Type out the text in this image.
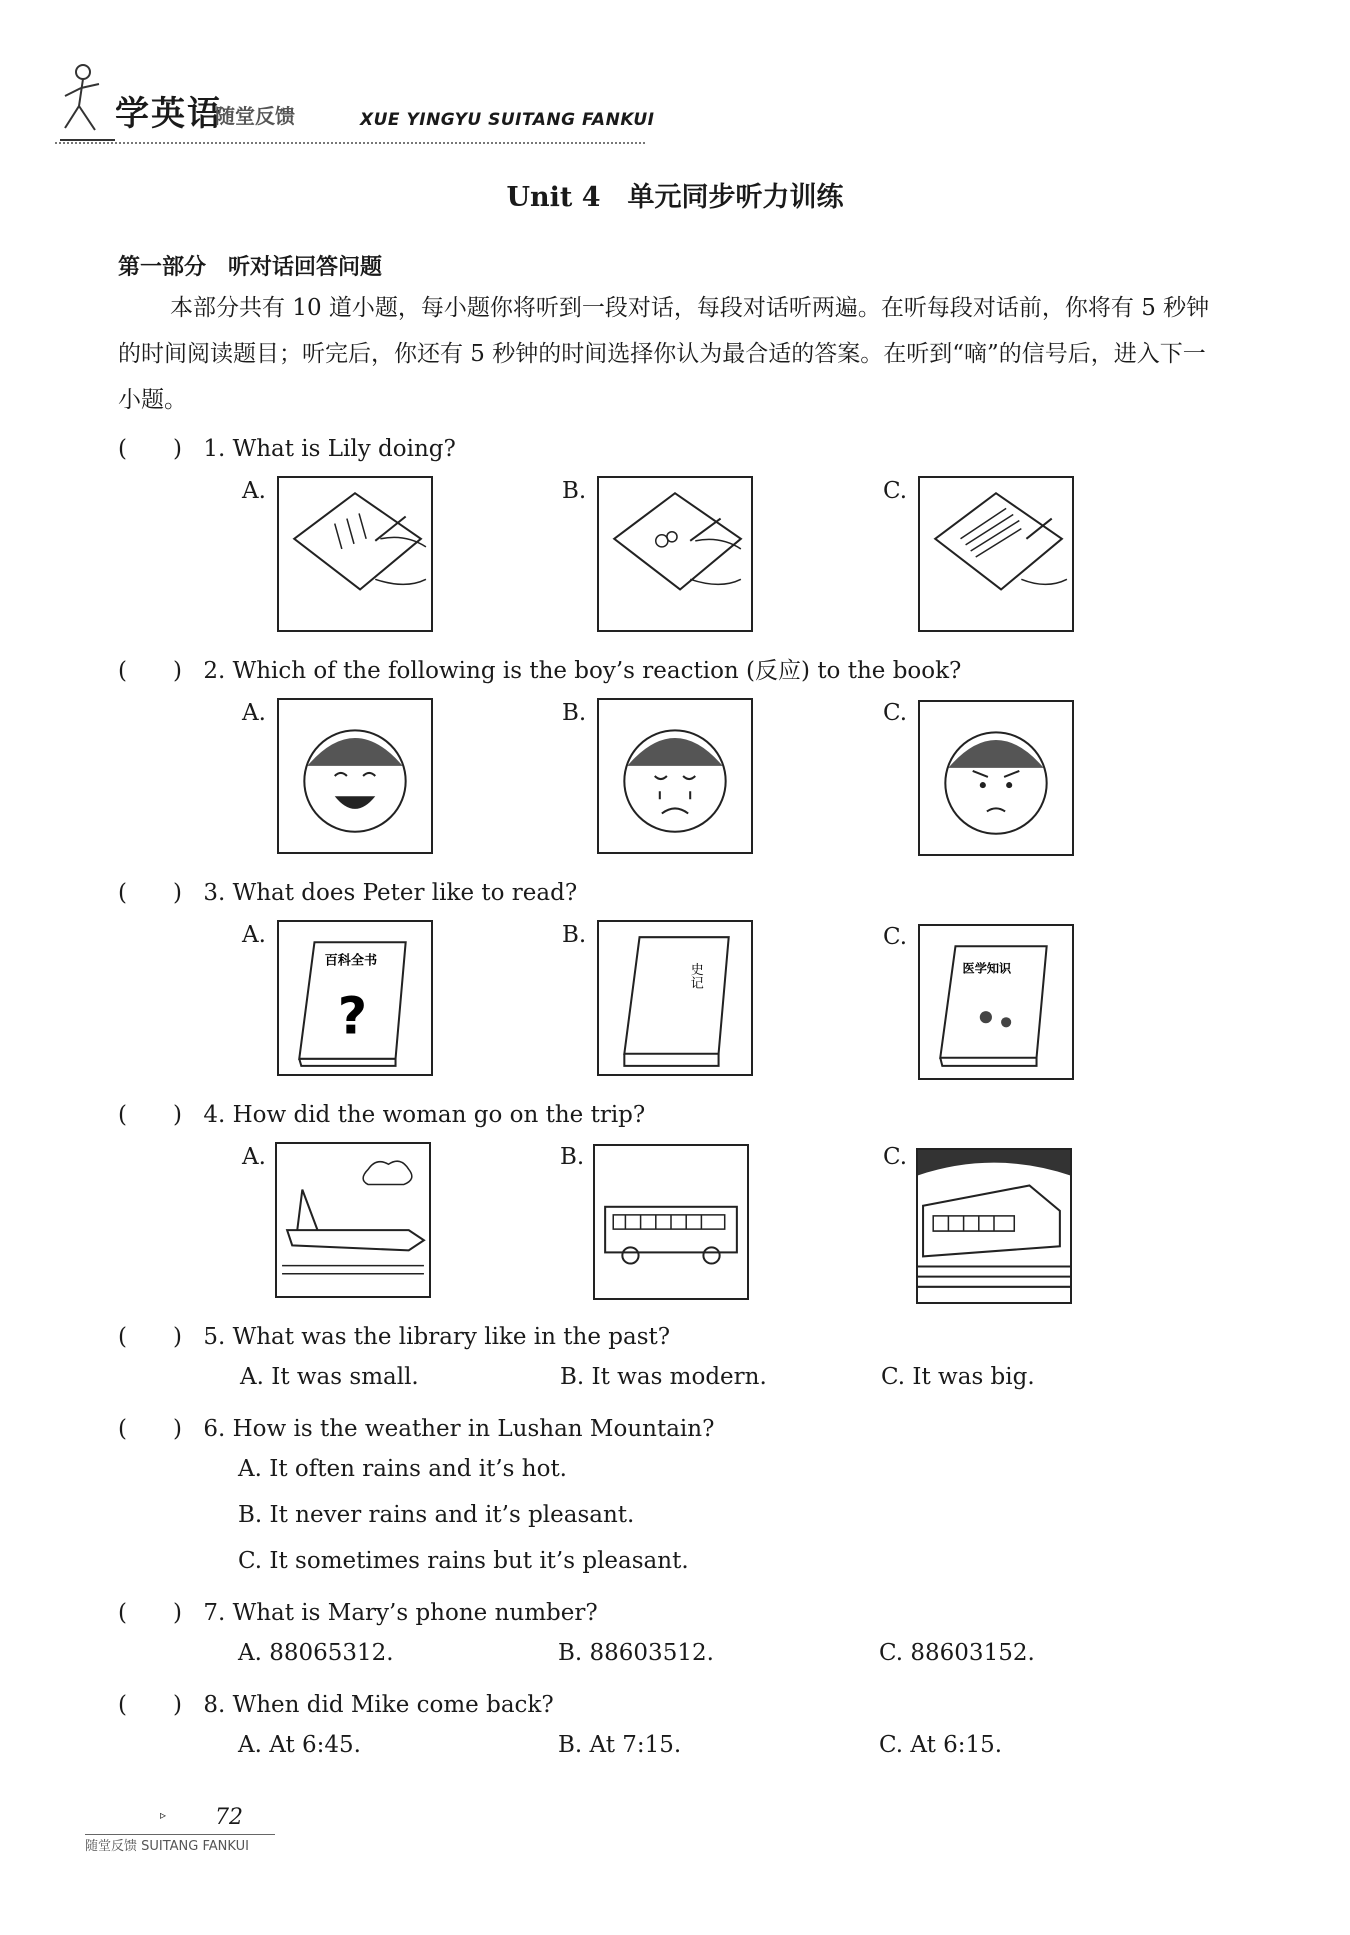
学英语
随堂反馈	XUE YINGYU SUITANG FANKUI
Unit 4　单元同步听力训练
第一部分　听对话回答问题
本部分共有 10 道小题，每小题你将听到一段对话，每段对话听两遍。在听每段对话前，你将有 5 秒钟的时间阅读题目；听完后，你还有 5 秒钟的时间选择你认为最合适的答案。在听到“嘀”的信号后，进入下一小题。
(　　) 1. What is Lily doing?
A.	B.	C.
(　　) 2. Which of the following is the boy’s reaction (反应) to the book?
A.	B.	C.
(　　) 3. What does Peter like to read?
A.
百科全书
?
B.
史记
C.
医学知识
(　　) 4. How did the woman go on the trip?
A.	B.	C.
(　　) 5. What was the library like in the past?
A. It was small.	B. It was modern.	C. It was big.
(　　) 6. How is the weather in Lushan Mountain?
A. It often rains and it’s hot.
B. It never rains and it’s pleasant.
C. It sometimes rains but it’s pleasant.
(　　) 7. What is Mary’s phone number?
A. 88065312.	B. 88603512.	C. 88603152.
(　　) 8. When did Mike come back?
A. At 6:45.	B. At 7:15.	C. At 6:15.
▹ 72
随堂反馈 SUITANG FANKUI
